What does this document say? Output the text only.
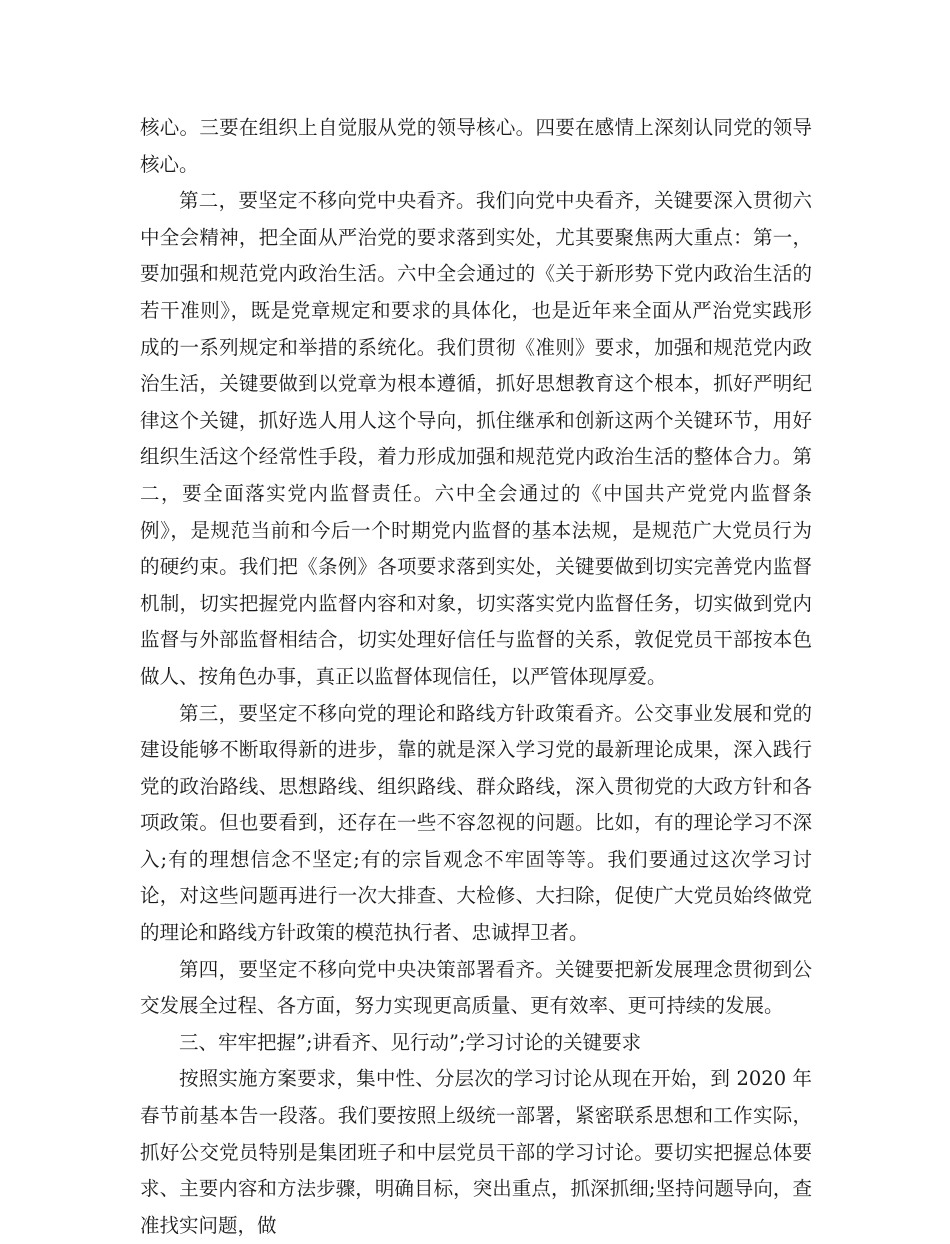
核心。三要在组织上自觉服从党的领导核心。四要在感情上深刻认同党的领导核心。

第二，要坚定不移向党中央看齐。我们向党中央看齐，关键要深入贯彻六中全会精神，把全面从严治党的要求落到实处，尤其要聚焦两大重点：第一，要加强和规范党内政治生活。六中全会通过的《关于新形势下党内政治生活的若干准则》，既是党章规定和要求的具体化，也是近年来全面从严治党实践形成的一系列规定和举措的系统化。我们贯彻《准则》要求，加强和规范党内政治生活，关键要做到以党章为根本遵循，抓好思想教育这个根本，抓好严明纪律这个关键，抓好选人用人这个导向，抓住继承和创新这两个关键环节，用好组织生活这个经常性手段，着力形成加强和规范党内政治生活的整体合力。第二，要全面落实党内监督责任。六中全会通过的《中国共产党党内监督条例》，是规范当前和今后一个时期党内监督的基本法规，是规范广大党员行为的硬约束。我们把《条例》各项要求落到实处，关键要做到切实完善党内监督机制，切实把握党内监督内容和对象，切实落实党内监督任务，切实做到党内监督与外部监督相结合，切实处理好信任与监督的关系，敦促党员干部按本色做人、按角色办事，真正以监督体现信任，以严管体现厚爱。

第三，要坚定不移向党的理论和路线方针政策看齐。公交事业发展和党的建设能够不断取得新的进步，靠的就是深入学习党的最新理论成果，深入践行党的政治路线、思想路线、组织路线、群众路线，深入贯彻党的大政方针和各项政策。但也要看到，还存在一些不容忽视的问题。比如，有的理论学习不深入;有的理想信念不坚定;有的宗旨观念不牢固等等。我们要通过这次学习讨论，对这些问题再进行一次大排查、大检修、大扫除，促使广大党员始终做党的理论和路线方针政策的模范执行者、忠诚捍卫者。

第四，要坚定不移向党中央决策部署看齐。关键要把新发展理念贯彻到公交发展全过程、各方面，努力实现更高质量、更有效率、更可持续的发展。

三、牢牢把握”;讲看齐、见行动”;学习讨论的关键要求

按照实施方案要求，集中性、分层次的学习讨论从现在开始，到 2020 年春节前基本告一段落。我们要按照上级统一部署，紧密联系思想和工作实际，抓好公交党员特别是集团班子和中层党员干部的学习讨论。要切实把握总体要求、主要内容和方法步骤，明确目标，突出重点，抓深抓细;坚持问题导向，查准找实问题，做
